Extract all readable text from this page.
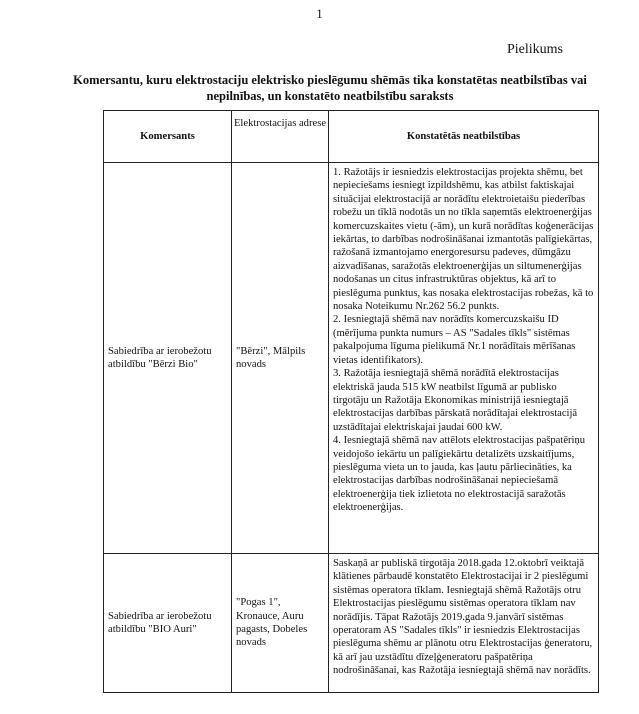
1
Pielikums
Komersantu, kuru elektrostaciju elektrisko pieslēgumu shēmās tika konstatētas neatbilstības vai nepilnības, un konstatēto neatbilstību saraksts
Komersants	Elektrostacijas adrese	Konstatētās neatbilstības
Sabiedrība ar ierobežotu atbildību "Bērzi Bio"	"Bērzi", Mālpils novads	1. Ražotājs ir iesniedzis elektrostacijas projekta shēmu, bet nepieciešams iesniegt izpildshēmu, kas atbilst faktiskajai situācijai elektrostacijā ar norādītu elektroietaišu piederības robežu un tīklā nodotās un no tīkla saņemtās elektroenerģijas komercuzskaites vietu (-ām), un kurā norādītas koģenerācijas iekārtas, to darbības nodrošināšanai izmantotās palīgiekārtas, ražošanā izmantojamo energoresursu padeves, dūmgāzu aizvadīšanas, saražotās elektroenerģijas un siltumenerģijas nodošanas un citus infrastruktūras objektus, kā arī to pieslēguma punktus, kas nosaka elektrostacijas robežas, kā to nosaka Noteikumu Nr.262 56.2 punkts.
2. Iesniegtajā shēmā nav norādīts komercuzskaišu ID (mērījuma punkta numurs – AS "Sadales tīkls" sistēmas pakalpojuma līguma pielikumā Nr.1 norādītais mērīšanas vietas identifikators).
3. Ražotāja iesniegtajā shēmā norādītā elektrostacijas elektriskā jauda 515 kW neatbilst līgumā ar publisko tirgotāju un Ražotāja Ekonomikas ministrijā iesniegtajā elektrostacijas darbības pārskatā norādītajai elektrostacijā uzstādītajai elektriskajai jaudai 600 kW.
4. Iesniegtajā shēmā nav attēlots elektrostacijas pašpatēriņu veidojošo iekārtu un palīgiekārtu detalizēts uzskaitījums, pieslēguma vieta un to jauda, kas ļautu pārliecināties, ka elektrostacijas darbības nodrošināšanai nepieciešamā elektroenerģija tiek izlietota no elektrostacijā saražotās elektroenerģijas.

Sabiedrība ar ierobežotu atbildību "BIO Auri"	"Pogas 1", Kronauce, Auru pagasts, Dobeles novads	Saskaņā ar publiskā tirgotāja 2018.gada 12.oktobrī veiktajā klātienes pārbaudē konstatēto Elektrostacijai ir 2 pieslēgumi sistēmas operatora tīklam. Iesniegtajā shēmā Ražotājs otru Elektrostacijas pieslēgumu sistēmas operatora tīklam nav norādījis. Tāpat Ražotājs 2019.gada 9.janvārī sistēmas operatoram AS "Sadales tīkls" ir iesniedzis Elektrostacijas pieslēguma shēmu ar plānotu otru Elektrostacijas ģeneratoru, kā arī jau uzstādītu dīzeļģeneratoru pašpatēriņa nodrošināšanai, kas Ražotāja iesniegtajā shēmā nav norādīts.
